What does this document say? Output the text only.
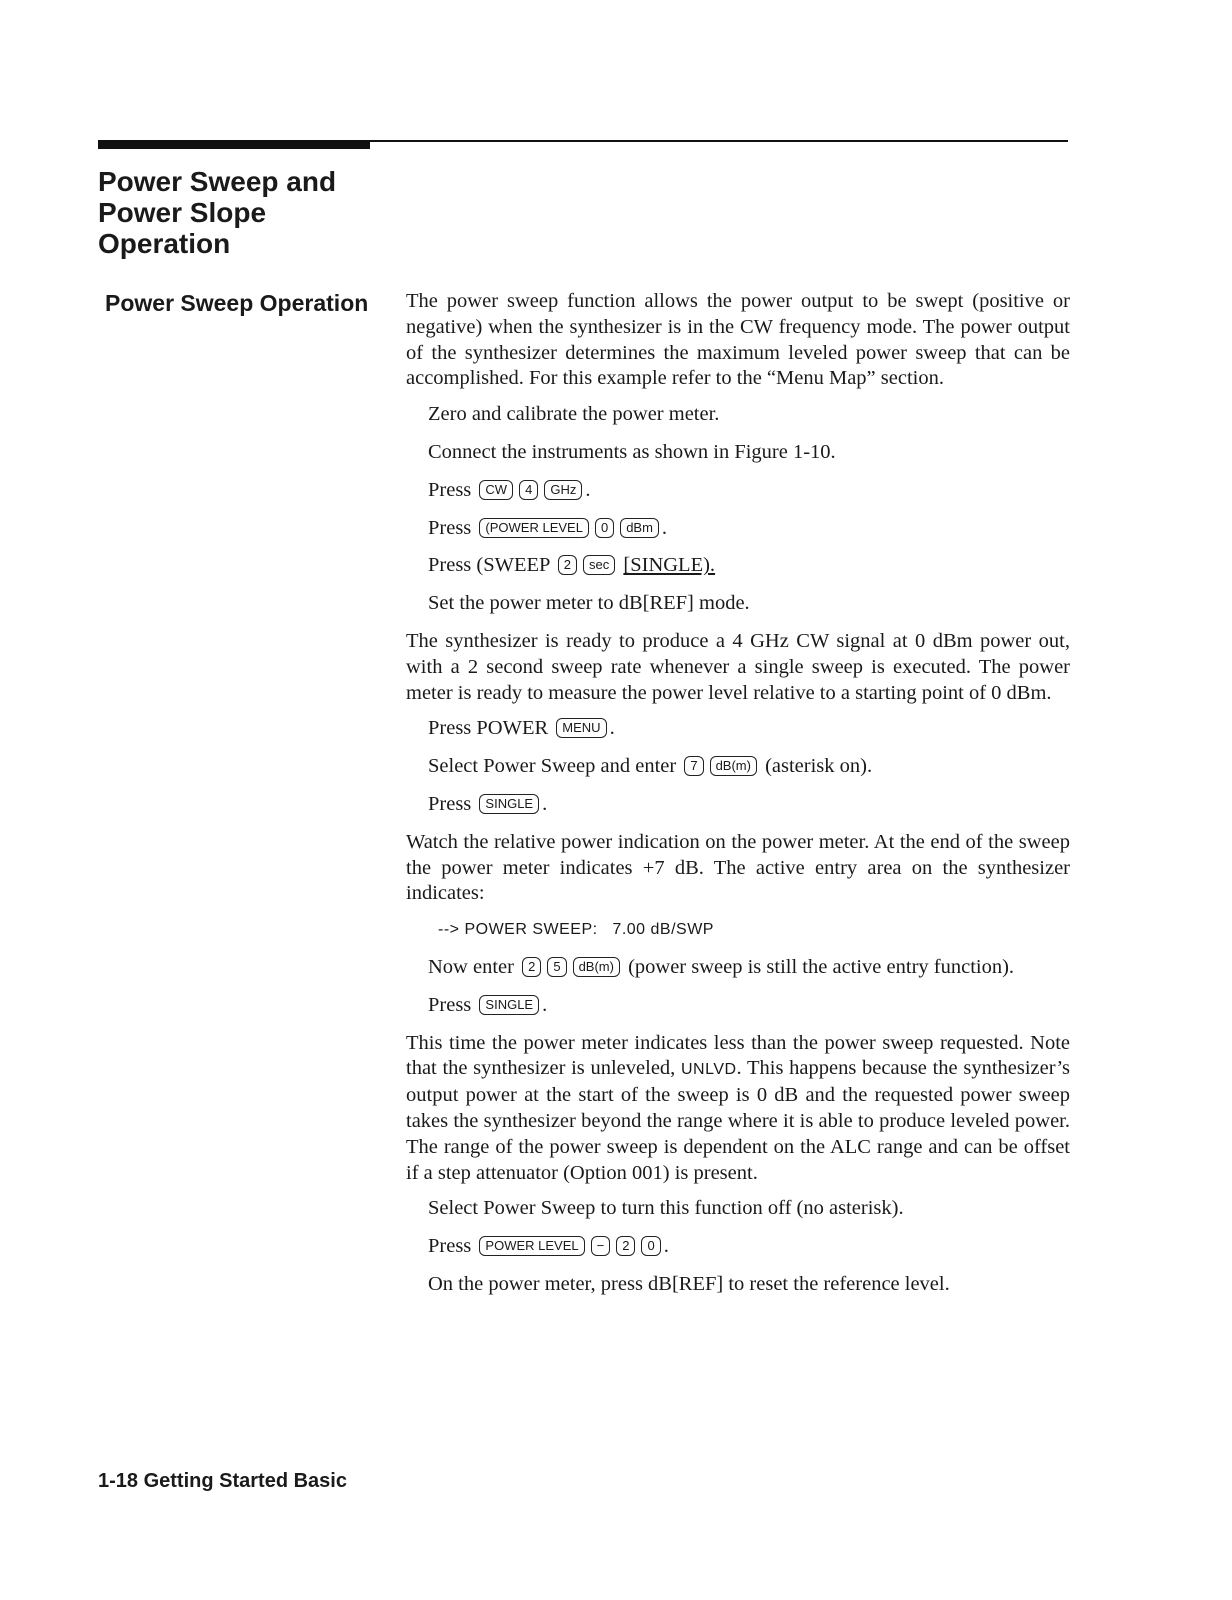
Power Sweep and Power Slope Operation
Power Sweep Operation The power sweep function allows the power output to be swept (positive or negative) when the synthesizer is in the CW frequency mode. The power output of the synthesizer determines the maximum leveled power sweep that can be accomplished. For this example refer to the “Menu Map” section.

Zero and calibrate the power meter.

Connect the instruments as shown in Figure 1-10.

Press CW 4 GHz .

Press (POWER LEVEL 0 dBm .

Press (SWEEP 2 sec [SINGLE).

Set the power meter to dB[REF] mode.

The synthesizer is ready to produce a 4 GHz CW signal at 0 dBm power out, with a 2 second sweep rate whenever a single sweep is executed. The power meter is ready to measure the power level relative to a starting point of 0 dBm.

Press POWER MENU .

Select Power Sweep and enter 7 dB(m) (asterisk on).

Press SINGLE .

Watch the relative power indication on the power meter. At the end of the sweep the power meter indicates +7 dB. The active entry area on the synthesizer indicates:

--> POWER SWEEP: 7.00 dB/SWP

Now enter 2 5 dB(m) (power sweep is still the active entry function).

Press SINGLE .

This time the power meter indicates less than the power sweep requested. Note that the synthesizer is unleveled, UNLVD. This happens because the synthesizer’s output power at the start of the sweep is 0 dB and the requested power sweep takes the synthesizer beyond the range where it is able to produce leveled power. The range of the power sweep is dependent on the ALC range and can be offset if a step attenuator (Option 001) is present.

Select Power Sweep to turn this function off (no asterisk).

Press POWER LEVEL − 2 0 .

On the power meter, press dB[REF] to reset the reference level.

1-18 Getting Started Basic
